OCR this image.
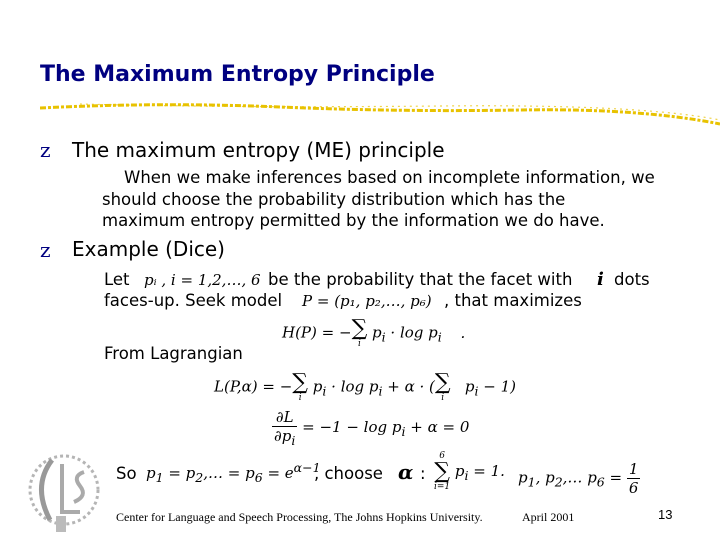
The Maximum Entropy Principle
z The maximum entropy (ME) principle
When we make inferences based on incomplete information, we
should choose the probability distribution which has the
maximum entropy permitted by the information we do have.
z Example (Dice)
Let pᵢ , i = 1,2,…, 6 be the probability that the facet with i dots
faces-up. Seek model P = (p₁, p₂,…, p₆) , that maximizes
H(P) = − ∑
i
$p_i \cdot \log p_i$ .
From Lagrangian
L(P,α) = − ∑
i
$p_i \cdot \log p_i + \alpha$ · ( ∑
i
$p_i - 1$)
$\frac{\partial L}{\partial p_i} = -1 - \log p_i + \alpha = 0$
So $p_1$ = $p_2,\dots = p_6 = e^{\alpha-1}$
, choose α :
6
∑
i=1
$p_i = 1$. $p_1$, $p_2,\dots$ $p_6 = \frac{1}{6}$
Center for Language and Speech Processing, The Johns Hopkins University.	April 2001	13
